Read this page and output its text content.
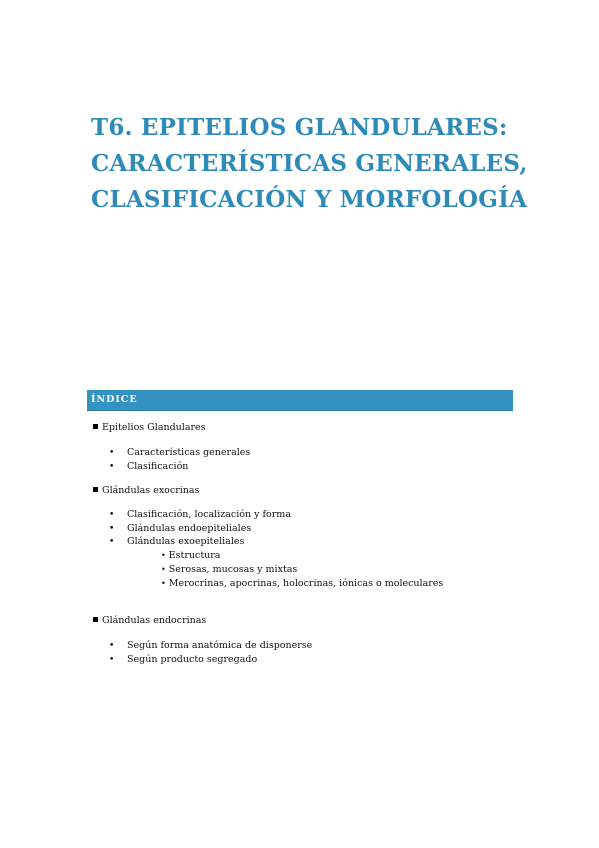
T6. EPITELIOS GLANDULARES:
CARACTERÍSTICAS GENERALES,
CLASIFICACIÓN Y MORFOLOGÍA
ÍNDICE
Epitelios Glandulares
• Características generales
• Clasificación
Glándulas exocrinas
• Clasificación, localización y forma
• Glándulas endoepiteliales
• Glándulas exoepiteliales
• Estructura
• Serosas, mucosas y mixtas
• Merocrinas, apocrinas, holocrinas, iónicas o moleculares
Glándulas endocrinas
• Según forma anatómica de disponerse
• Según producto segregado
